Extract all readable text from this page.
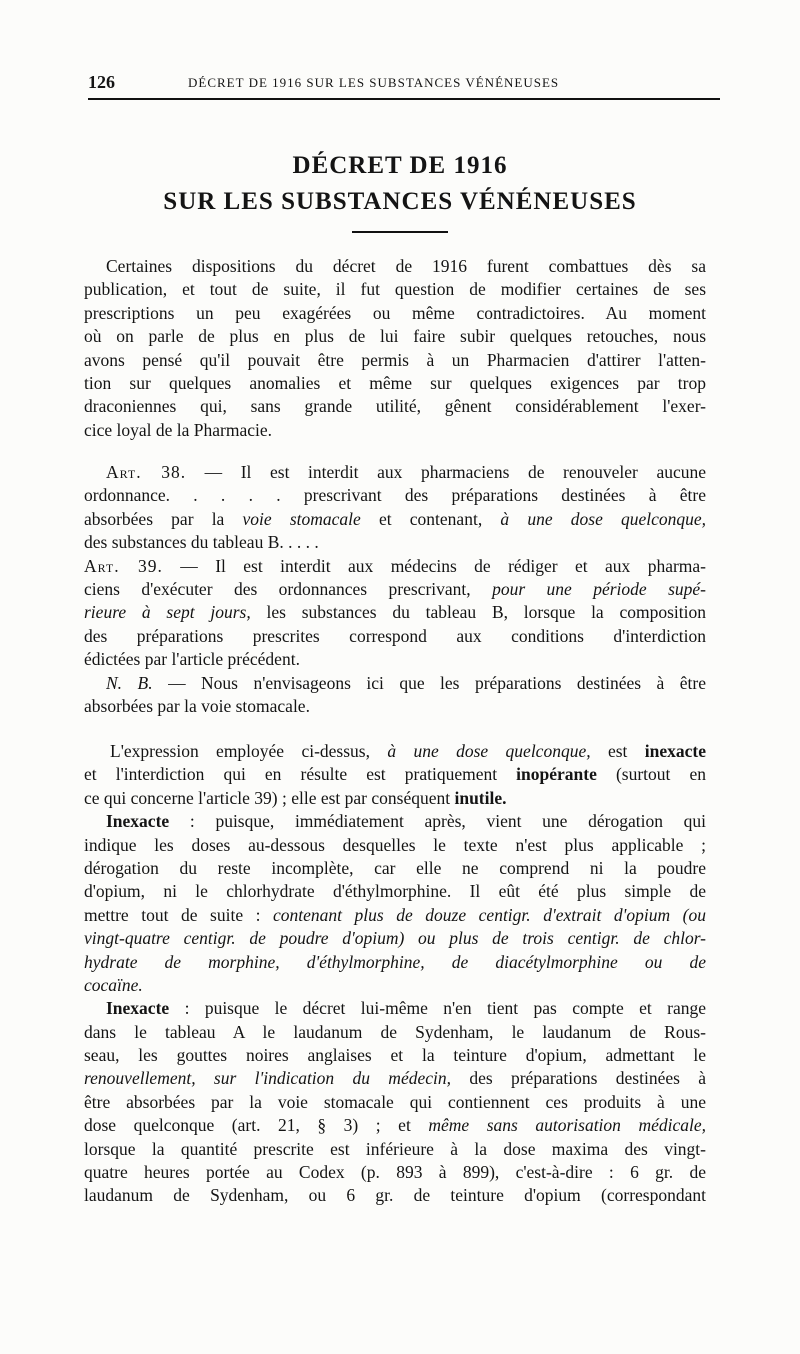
126	DÉCRET DE 1916 SUR LES SUBSTANCES VÉNÉNEUSES
DÉCRET DE 1916
SUR LES SUBSTANCES VÉNÉNEUSES
Certaines dispositions du décret de 1916 furent combattues dès sa
publication, et tout de suite, il fut question de modifier certaines de ses
prescriptions un peu exagérées ou même contradictoires. Au moment
où on parle de plus en plus de lui faire subir quelques retouches, nous
avons pensé qu'il pouvait être permis à un Pharmacien d'attirer l'atten-
tion sur quelques anomalies et même sur quelques exigences par trop
draconiennes qui, sans grande utilité, gênent considérablement l'exer-
cice loyal de la Pharmacie.
Art. 38. — Il est interdit aux pharmaciens de renouveler aucune
ordonnance. . . . . prescrivant des préparations destinées à être
absorbées par la voie stomacale et contenant, à une dose quelconque,
des substances du tableau B. . . . .
Art. 39. — Il est interdit aux médecins de rédiger et aux pharma-
ciens d'exécuter des ordonnances prescrivant, pour une période supé-
rieure à sept jours, les substances du tableau B, lorsque la composition
des préparations prescrites correspond aux conditions d'interdiction
édictées par l'article précédent.
N. B. — Nous n'envisageons ici que les préparations destinées à être
absorbées par la voie stomacale.
L'expression employée ci-dessus, à une dose quelconque, est inexacte
et l'interdiction qui en résulte est pratiquement inopérante (surtout en
ce qui concerne l'article 39) ; elle est par conséquent inutile.
Inexacte : puisque, immédiatement après, vient une dérogation qui
indique les doses au-dessous desquelles le texte n'est plus applicable ;
dérogation du reste incomplète, car elle ne comprend ni la poudre
d'opium, ni le chlorhydrate d'éthylmorphine. Il eût été plus simple de
mettre tout de suite : contenant plus de douze centigr. d'extrait d'opium (ou
vingt-quatre centigr. de poudre d'opium) ou plus de trois centigr. de chlor-
hydrate de morphine, d'éthylmorphine, de diacétylmorphine ou de
cocaïne.
Inexacte : puisque le décret lui-même n'en tient pas compte et range
dans le tableau A le laudanum de Sydenham, le laudanum de Rous-
seau, les gouttes noires anglaises et la teinture d'opium, admettant le
renouvellement, sur l'indication du médecin, des préparations destinées à
être absorbées par la voie stomacale qui contiennent ces produits à une
dose quelconque (art. 21, § 3) ; et même sans autorisation médicale,
lorsque la quantité prescrite est inférieure à la dose maxima des vingt-
quatre heures portée au Codex (p. 893 à 899), c'est-à-dire : 6 gr. de
laudanum de Sydenham, ou 6 gr. de teinture d'opium (correspondant
